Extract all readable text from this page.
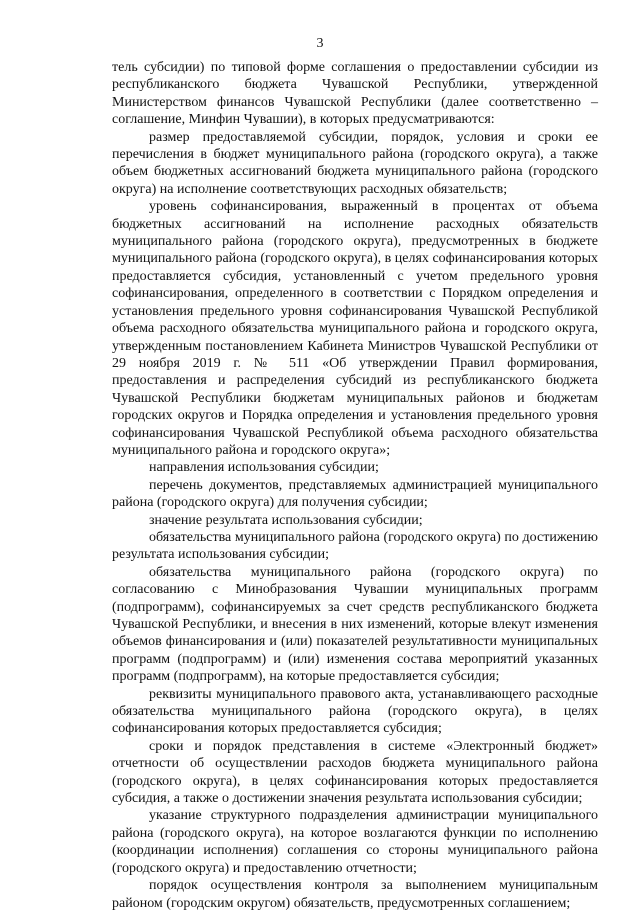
3

тель субсидии) по типовой форме соглашения о предоставлении субсидии из республиканского бюджета Чувашской Республики, утвержденной Министерством финансов Чувашской Республики (далее соответственно – соглашение, Минфин Чувашии), в которых предусматриваются:

размер предоставляемой субсидии, порядок, условия и сроки ее перечисления в бюджет муниципального района (городского округа), а также объем бюджетных ассигнований бюджета муниципального района (городского округа) на исполнение соответствующих расходных обязательств;

уровень софинансирования, выраженный в процентах от объема бюджетных ассигнований на исполнение расходных обязательств муниципального района (городского округа), предусмотренных в бюджете муниципального района (городского округа), в целях софинансирования которых предоставляется субсидия, установленный с учетом предельного уровня софинансирования, определенного в соответствии с Порядком определения и установления предельного уровня софинансирования Чувашской Республикой объема расходного обязательства муниципального района и городского округа, утвержденным постановлением Кабинета Министров Чувашской Республики от 29 ноября 2019 г. № 511 «Об утверждении Правил формирования, предоставления и распределения субсидий из республиканского бюджета Чувашской Республики бюджетам муниципальных районов и бюджетам городских округов и Порядка определения и установления предельного уровня софинансирования Чувашской Республикой объема расходного обязательства муниципального района и городского округа»;

направления использования субсидии;

перечень документов, представляемых администрацией муниципального района (городского округа) для получения субсидии;

значение результата использования субсидии;

обязательства муниципального района (городского округа) по достижению результата использования субсидии;

обязательства муниципального района (городского округа) по согласованию с Минобразования Чувашии муниципальных программ (подпрограмм), софинансируемых за счет средств республиканского бюджета Чувашской Республики, и внесения в них изменений, которые влекут изменения объемов финансирования и (или) показателей результативности муниципальных программ (подпрограмм) и (или) изменения состава мероприятий указанных программ (подпрограмм), на которые предоставляется субсидия;

реквизиты муниципального правового акта, устанавливающего расходные обязательства муниципального района (городского округа), в целях софинансирования которых предоставляется субсидия;

сроки и порядок представления в системе «Электронный бюджет» отчетности об осуществлении расходов бюджета муниципального района (городского округа), в целях софинансирования которых предоставляется субсидия, а также о достижении значения результата использования субсидии;

указание структурного подразделения администрации муниципального района (городского округа), на которое возлагаются функции по исполнению (координации исполнения) соглашения со стороны муниципального района (городского округа) и предоставлению отчетности;

порядок осуществления контроля за выполнением муниципальным районом (городским округом) обязательств, предусмотренных соглашением;
